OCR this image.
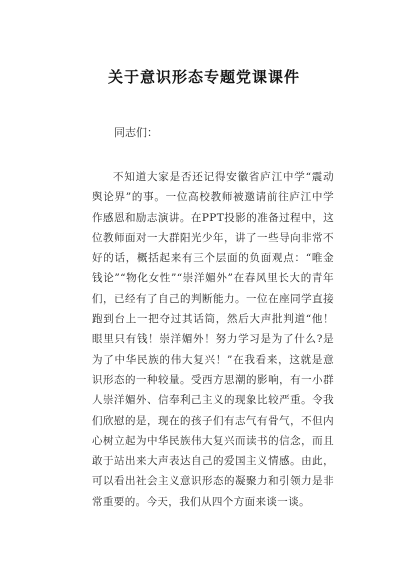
关于意识形态专题党课课件
同志们：

不知道大家是否还记得安徽省庐江中学“震动舆论界”的事。一位高校教师被邀请前往庐江中学作感恩和励志演讲。在PPT投影的准备过程中，这位教师面对一大群阳光少年，讲了一些导向非常不好的话，概括起来有三个层面的负面观点：“唯金钱论”“物化女性”“崇洋媚外”在春风里长大的青年们，已经有了自己的判断能力。一位在座同学直接跑到台上一把夺过其话筒，然后大声批判道“他！眼里只有钱！崇洋媚外！努力学习是为了什么?是为了中华民族的伟大复兴！”在我看来，这就是意识形态的一种较量。受西方思潮的影响，有一小群人崇洋媚外、信奉利己主义的现象比较严重。令我们欣慰的是，现在的孩子们有志气有骨气，不但内心树立起为中华民族伟大复兴而读书的信念，而且敢于站出来大声表达自己的爱国主义情感。由此，可以看出社会主义意识形态的凝聚力和引领力是非常重要的。今天，我们从四个方面来谈一谈。
